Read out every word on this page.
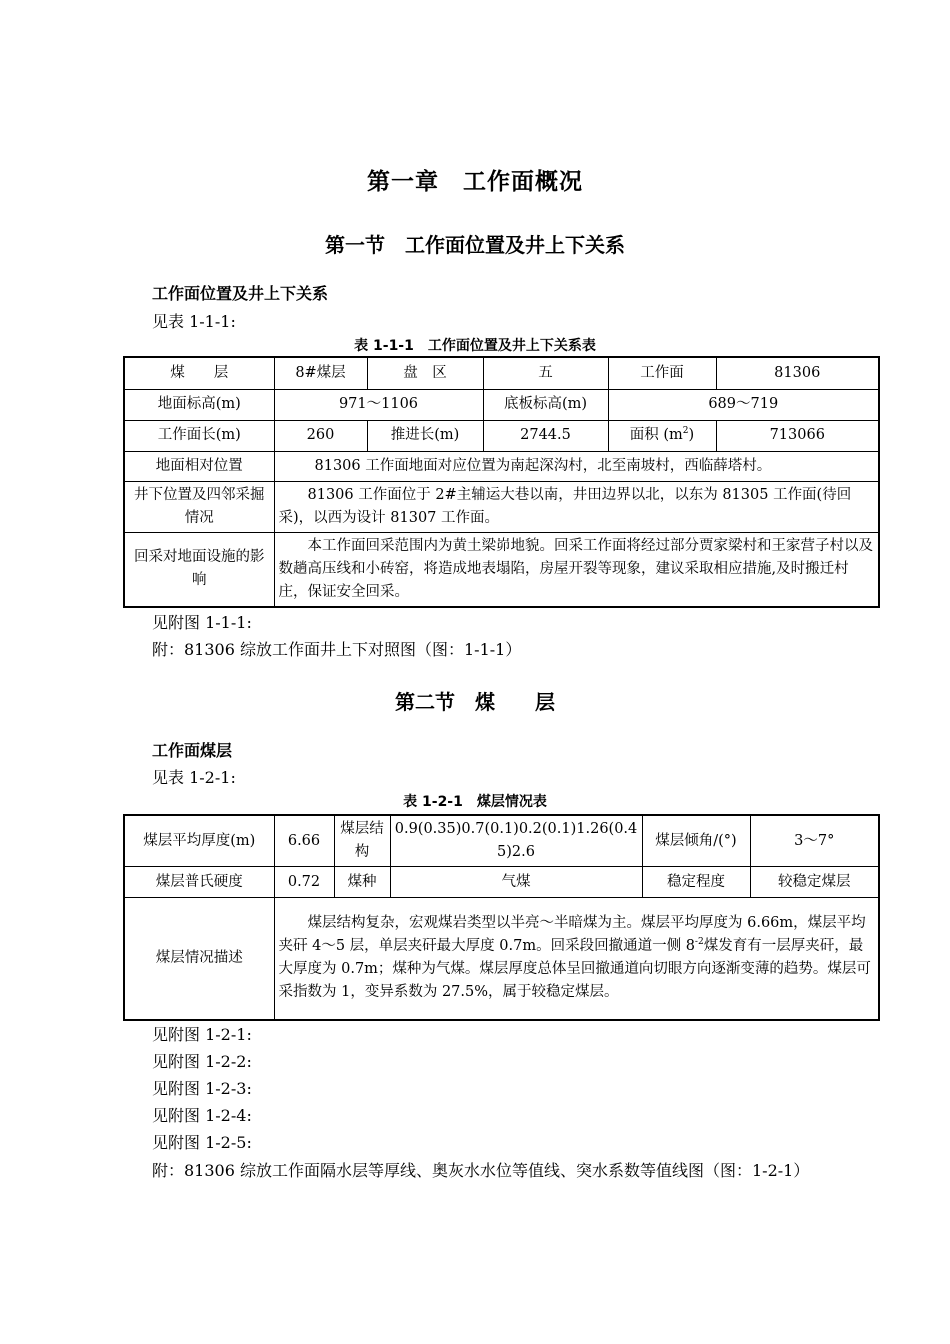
第一章　工作面概况
第一节　工作面位置及井上下关系
工作面位置及井上下关系
见表 1-1-1:
表 1-1-1　工作面位置及井上下关系表
煤　　层	8#煤层	盘　区	五	工作面	81306
地面标高(m)	971～1106		底板标高(m)	689～719	
工作面长(m)	260	推进长(m)	2744.5	面积 $(m^2)$	713066
地面相对位置	81306 工作面地面对应位置为南起深沟村，北至南坡村，西临薛塔村。				
井下位置及四邻采掘情况	81306 工作面位于 2#主辅运大巷以南，井田边界以北，以东为 81305 工作面(待回采)，以西为设计 81307 工作面。				
回采对地面设施的影响	本工作面回采范围内为黄土梁峁地貌。回采工作面将经过部分贾家梁村和王家营子村以及数趟高压线和小砖窑，将造成地表塌陷，房屋开裂等现象，建议采取相应措施,及时搬迁村庄，保证安全回采。				
见附图 1-1-1:
附：81306 综放工作面井上下对照图（图：1-1-1）
第二节　煤　　层
工作面煤层
见表 1-2-1:
表 1-2-1　煤层情况表
煤层平均厚度(m)	6.66	煤层结构	0.9(0.35)0.7(0.1)0.2(0.1)1.26(0.45)2.6	煤层倾角/(°)	3～7°
煤层普氏硬度	0.72	煤种	气煤	稳定程度	较稳定煤层
煤层情况描述	煤层结构复杂，宏观煤岩类型以半亮～半暗煤为主。煤层平均厚度为 6.66m，煤层平均夹矸 4～5 层，单层夹矸最大厚度 0.7m。回采段回撤通道一侧 $8^{-2}$煤发育有一层厚夹矸，最大厚度为 0.7m；煤种为气煤。煤层厚度总体呈回撤通道向切眼方向逐渐变薄的趋势。煤层可采指数为 1，变异系数为 27.5%，属于较稳定煤层。				
见附图 1-2-1:
见附图 1-2-2:
见附图 1-2-3:
见附图 1-2-4:
见附图 1-2-5:
附：81306 综放工作面隔水层等厚线、奥灰水水位等值线、突水系数等值线图（图：1-2-1）
